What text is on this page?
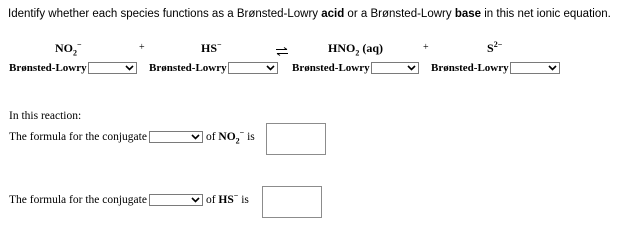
Identify whether each species functions as a Brønsted-Lowry acid or a Brønsted-Lowry base in this net ionic equation.
$NO_2^-$	+	HS−	$HNO_2$ (aq)	+	$S^{2-}$
Brønsted-Lowry	Brønsted-Lowry	Brønsted-Lowry	Brønsted-Lowry
In this reaction:
The formula for the conjugate	of $NO_2^-$ is
The formula for the conjugate	of HS− is
